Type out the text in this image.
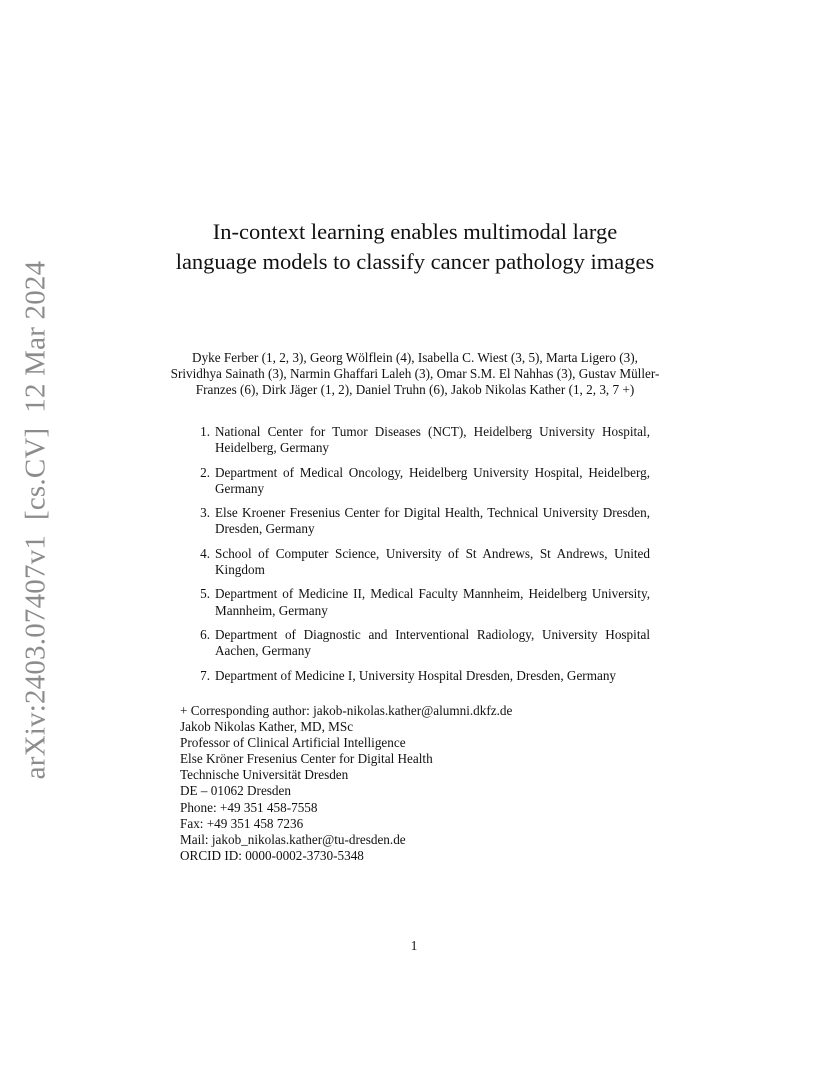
arXiv:2403.07407v1  [cs.CV]  12 Mar 2024
In-context learning enables multimodal large language models to classify cancer pathology images

Dyke Ferber (1, 2, 3), Georg Wölflein (4), Isabella C. Wiest (3, 5), Marta Ligero (3), Srividhya Sainath (3), Narmin Ghaffari Laleh (3), Omar S.M. El Nahhas (3), Gustav Müller-Franzes (6), Dirk Jäger (1, 2), Daniel Truhn (6), Jakob Nikolas Kather (1, 2, 3, 7 +)

1. National Center for Tumor Diseases (NCT), Heidelberg University Hospital, Heidelberg, Germany
2. Department of Medical Oncology, Heidelberg University Hospital, Heidelberg, Germany
3. Else Kroener Fresenius Center for Digital Health, Technical University Dresden, Dresden, Germany
4. School of Computer Science, University of St Andrews, St Andrews, United Kingdom
5. Department of Medicine II, Medical Faculty Mannheim, Heidelberg University, Mannheim, Germany
6. Department of Diagnostic and Interventional Radiology, University Hospital Aachen, Germany
7. Department of Medicine I, University Hospital Dresden, Dresden, Germany
+ Corresponding author: jakob-nikolas.kather@alumni.dkfz.de
Jakob Nikolas Kather, MD, MSc
Professor of Clinical Artificial Intelligence
Else Kröner Fresenius Center for Digital Health
Technische Universität Dresden
DE – 01062 Dresden
Phone: +49 351 458-7558
Fax: +49 351 458 7236
Mail: jakob_nikolas.kather@tu-dresden.de
ORCID ID: 0000-0002-3730-5348
1
